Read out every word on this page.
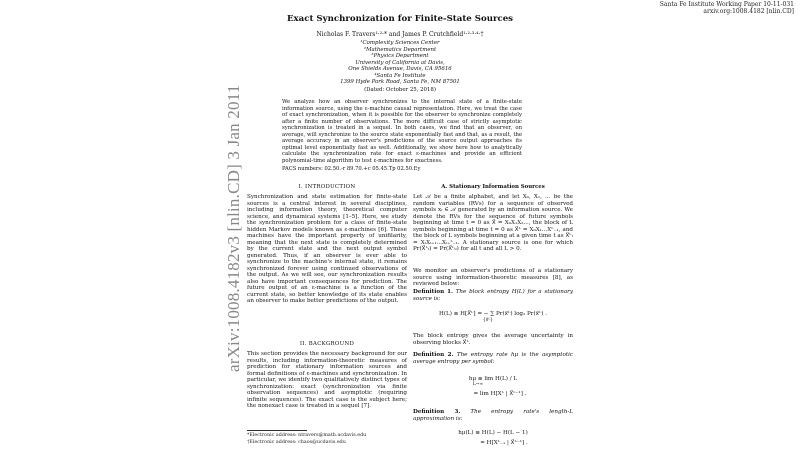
Santa Fe Institute Working Paper 10-11-031
arxiv.org:1008.4182 [nlin.CD]
arXiv:1008.4182v3 [nlin.CD] 3 Jan 2011
Exact Synchronization for Finite-State Sources
Nicholas F. Travers¹·²·* and James P. Crutchfield¹·²·³·⁴·†
¹Complexity Sciences Center
²Mathematics Department
³Physics Department
University of California at Davis,
One Shields Avenue, Davis, CA 95616
⁴Santa Fe Institute
1399 Hyde Park Road, Santa Fe, NM 87501
(Dated: October 25, 2018)

We analyze how an observer synchronizes to the internal state of a finite-state information source, using the ε-machine causal representation. Here, we treat the case of exact synchronization, when it is possible for the observer to synchronize completely after a finite number of observations. The more difficult case of strictly asymptotic synchronization is treated in a sequel. In both cases, we find that an observer, on average, will synchronize to the source state exponentially fast and that, as a result, the average accuracy in an observer's predictions of the source output approaches its optimal level exponentially fast as well. Additionally, we show here how to analytically calculate the synchronization rate for exact ε-machines and provide an efficient polynomial-time algorithm to test ε-machines for exactness.

PACS numbers: 02.50.-r 89.70.+c 05.45.Tp 02.50.Ey
I. INTRODUCTION

Synchronization and state estimation for finite-state sources is a central interest in several disciplines, including information theory, theoretical computer science, and dynamical systems [1–5]. Here, we study the synchronization problem for a class of finite-state hidden Markov models known as ε-machines [6]. These machines have the important property of unifilarity, meaning that the next state is completely determined by the current state and the next output symbol generated. Thus, if an observer is ever able to synchronize to the machine's internal state, it remains synchronized forever using continued observations of the output. As we will see, our synchronization results also have important consequences for prediction. The future output of an ε-machine is a function of the current state, so better knowledge of its state enables an observer to make better predictions of the output.

II. BACKGROUND

This section provides the necessary background for our results, including information-theoretic measures of prediction for stationary information sources and formal definitions of ε-machines and synchronization. In particular, we identify two qualitatively distinct types of synchronization: exact (synchronization via finite observation sequences) and asymptotic (requiring infinite sequences). The exact case is the subject here; the nonexact case is treated in a sequel [7].

*Electronic address: ntravers@math.ucdavis.edu
†Electronic address: chaos@ucdavis.edu
A. Stationary Information Sources

Let 𝒜 be a finite alphabet, and let X₀, X₁, ... be the random variables (RVs) for a sequence of observed symbols xₜ ∈ 𝒜 generated by an information source. We denote the RVs for the sequence of future symbols beginning at time t = 0 as X⃗ = X₀X₁X₂..., the block of L symbols beginning at time t = 0 as X⃗ᴸ = X₀X₁...Xᴸ₋₁, and the block of L symbols beginning at a given time t as X⃗ᴸₜ = XₜXₜ₊₁...Xₜ₊ᴸ₋₁. A stationary source is one for which Pr(X⃗ᴸₜ) = Pr(X⃗ᴸ₀) for all t and all L > 0.

We monitor an observer's predictions of a stationary source using information-theoretic measures [8], as reviewed below:

Definition 1. The block entropy H(L) for a stationary source is:
H(L) ≡ H[X⃗ᴸ] = − ∑ Pr(x⃗ᴸ) log₂ Pr(x⃗ᴸ) .
{x⃗ᴸ}

The block entropy gives the average uncertainty in observing blocks X⃗ᴸ.

Definition 2. The entropy rate hμ is the asymptotic average entropy per symbol:
hμ ≡ lim H(L) / L
L→∞
= lim H[Xᴸ | X⃗ᴸ⁻¹] .
Definition 3. The entropy rate's length-L approximation is:
hμ(L) ≡ H(L) − H(L − 1)
= H[Xᴸ₋₁ | X⃗ᴸ⁻¹] .
